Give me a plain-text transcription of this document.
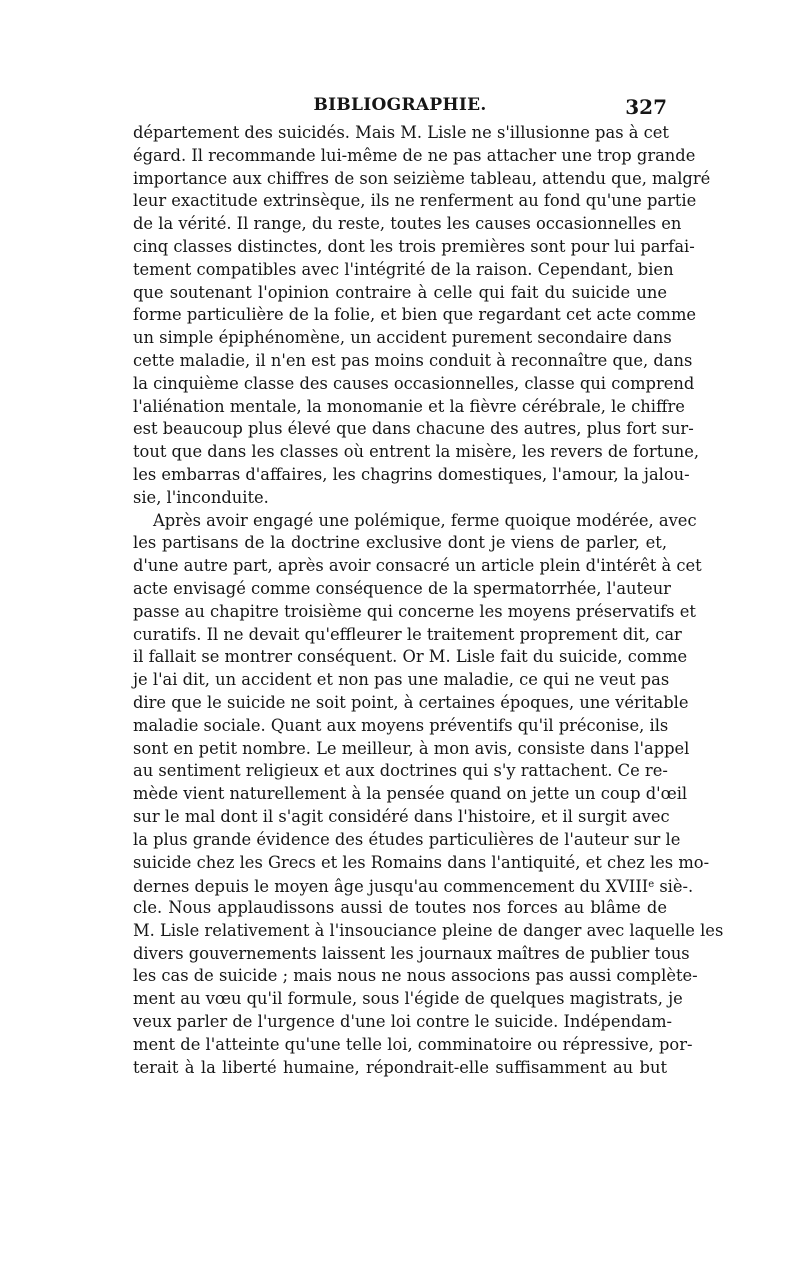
BIBLIOGRAPHIE.	327
département des suicidés. Mais M. Lisle ne s'illusionne pas à cet
égard. Il recommande lui-même de ne pas attacher une trop grande
importance aux chiffres de son seizième tableau, attendu que, malgré
leur exactitude extrinsèque, ils ne renferment au fond qu'une partie
de la vérité. Il range, du reste, toutes les causes occasionnelles en
cinq classes distinctes, dont les trois premières sont pour lui parfai-
tement compatibles avec l'intégrité de la raison. Cependant, bien
que soutenant l'opinion contraire à celle qui fait du suicide une
forme particulière de la folie, et bien que regardant cet acte comme
un simple épiphénomène, un accident purement secondaire dans
cette maladie, il n'en est pas moins conduit à reconnaître que, dans
la cinquième classe des causes occasionnelles, classe qui comprend
l'aliénation mentale, la monomanie et la fièvre cérébrale, le chiffre
est beaucoup plus élevé que dans chacune des autres, plus fort sur-
tout que dans les classes où entrent la misère, les revers de fortune,
les embarras d'affaires, les chagrins domestiques, l'amour, la jalou-
sie, l'inconduite.
Après avoir engagé une polémique, ferme quoique modérée, avec
les partisans de la doctrine exclusive dont je viens de parler, et,
d'une autre part, après avoir consacré un article plein d'intérêt à cet
acte envisagé comme conséquence de la spermatorrhée, l'auteur
passe au chapitre troisième qui concerne les moyens préservatifs et
curatifs. Il ne devait qu'effleurer le traitement proprement dit, car
il fallait se montrer conséquent. Or M. Lisle fait du suicide, comme
je l'ai dit, un accident et non pas une maladie, ce qui ne veut pas
dire que le suicide ne soit point, à certaines époques, une véritable
maladie sociale. Quant aux moyens préventifs qu'il préconise, ils
sont en petit nombre. Le meilleur, à mon avis, consiste dans l'appel
au sentiment religieux et aux doctrines qui s'y rattachent. Ce re-
mède vient naturellement à la pensée quand on jette un coup d'œil
sur le mal dont il s'agit considéré dans l'histoire, et il surgit avec
la plus grande évidence des études particulières de l'auteur sur le
suicide chez les Grecs et les Romains dans l'antiquité, et chez les mo-
dernes depuis le moyen âge jusqu'au commencement du XVIIIe siè-.
cle. Nous applaudissons aussi de toutes nos forces au blâme de
M. Lisle relativement à l'insouciance pleine de danger avec laquelle les
divers gouvernements laissent les journaux maîtres de publier tous
les cas de suicide ; mais nous ne nous associons pas aussi complète-
ment au vœu qu'il formule, sous l'égide de quelques magistrats, je
veux parler de l'urgence d'une loi contre le suicide. Indépendam-
ment de l'atteinte qu'une telle loi, comminatoire ou répressive, por-
terait à la liberté humaine, répondrait-elle suffisamment au but
